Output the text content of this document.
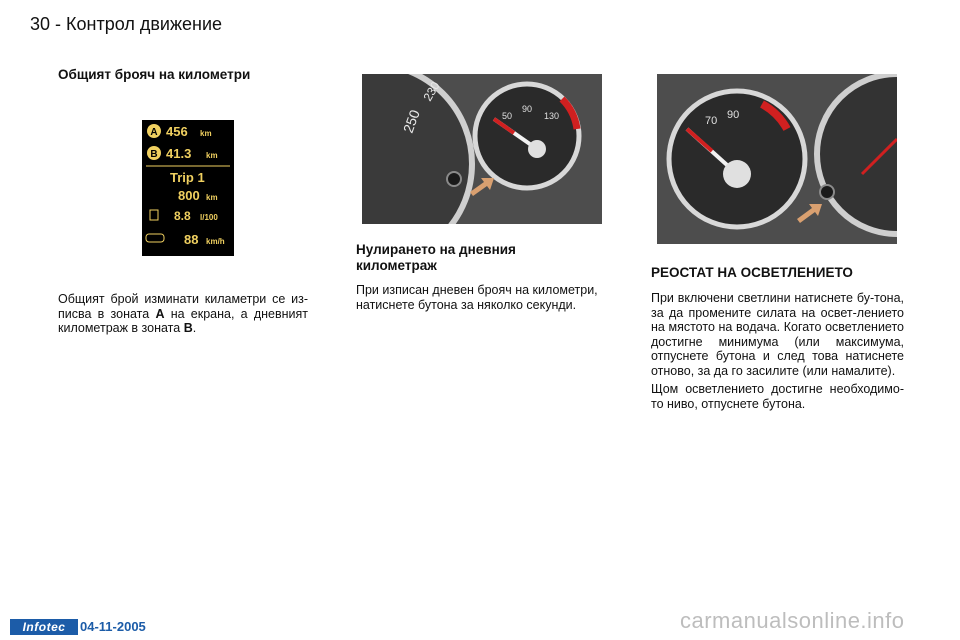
30 - Контрол движение
Общият брояч на километри
A 456 km
B 41.3 km
Trip 1
800 km
8.8 l/100
88 km/h
Общият брой изминати киламетри се из-писва в зоната A на екрана, а дневният километраж в зоната B.
250
230
50
90
130
Нулирането на дневния километраж
При изписан дневен брояч на километри, натиснете бутона за няколко секунди.
70 90
РЕОСТАТ НА ОСВЕТЛЕНИЕТО
При включени светлини натиснете бу-тона, за да промените силата на освет-лението на мястото на водача. Когато осветлението достигне минимума (или максимума, отпуснете бутона и след това натиснете отново, за да го засилите (или намалите).
Щом осветлението достигне необходимо-то ниво, отпуснете бутона.
Infotec	04-11-2005	carmanualsonline.info
